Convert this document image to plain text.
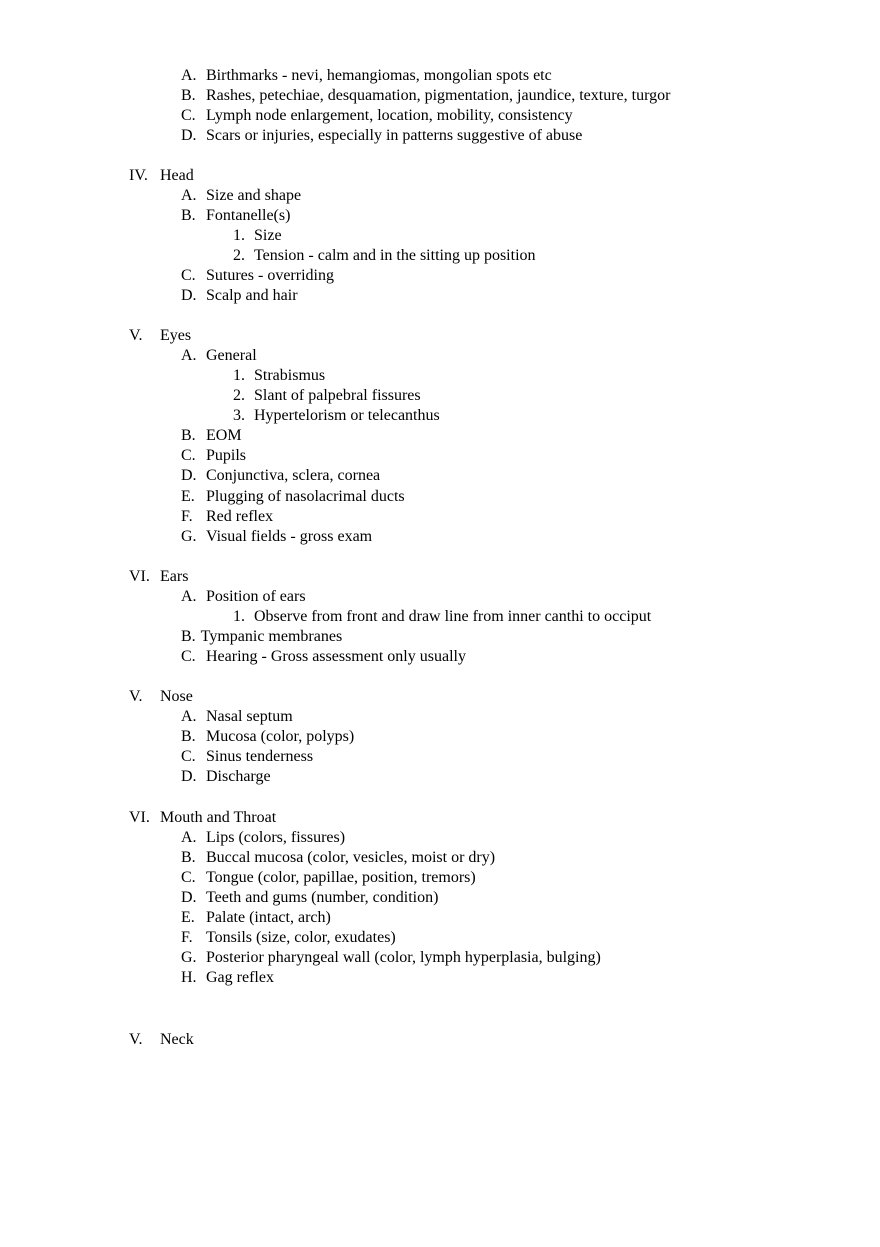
A. Birthmarks - nevi, hemangiomas, mongolian spots etc
B. Rashes, petechiae, desquamation, pigmentation, jaundice, texture, turgor
C. Lymph node enlargement, location, mobility, consistency
D. Scars or injuries, especially in patterns suggestive of abuse
IV. Head
A. Size and shape
B. Fontanelle(s)
1. Size
2. Tension - calm and in the sitting up position
C. Sutures - overriding
D. Scalp and hair
V. Eyes
A. General
1. Strabismus
2. Slant of palpebral fissures
3. Hypertelorism or telecanthus
B. EOM
C. Pupils
D. Conjunctiva, sclera, cornea
E. Plugging of nasolacrimal ducts
F. Red reflex
G. Visual fields - gross exam
VI. Ears
A. Position of ears
1. Observe from front and draw line from inner canthi to occiput
B. Tympanic membranes
C. Hearing - Gross assessment only usually
V. Nose
A. Nasal septum
B. Mucosa (color, polyps)
C. Sinus tenderness
D. Discharge
VI. Mouth and Throat
A. Lips (colors, fissures)
B. Buccal mucosa (color, vesicles, moist or dry)
C. Tongue (color, papillae, position, tremors)
D. Teeth and gums (number, condition)
E. Palate (intact, arch)
F. Tonsils (size, color, exudates)
G. Posterior pharyngeal wall (color, lymph hyperplasia, bulging)
H. Gag reflex
V. Neck
